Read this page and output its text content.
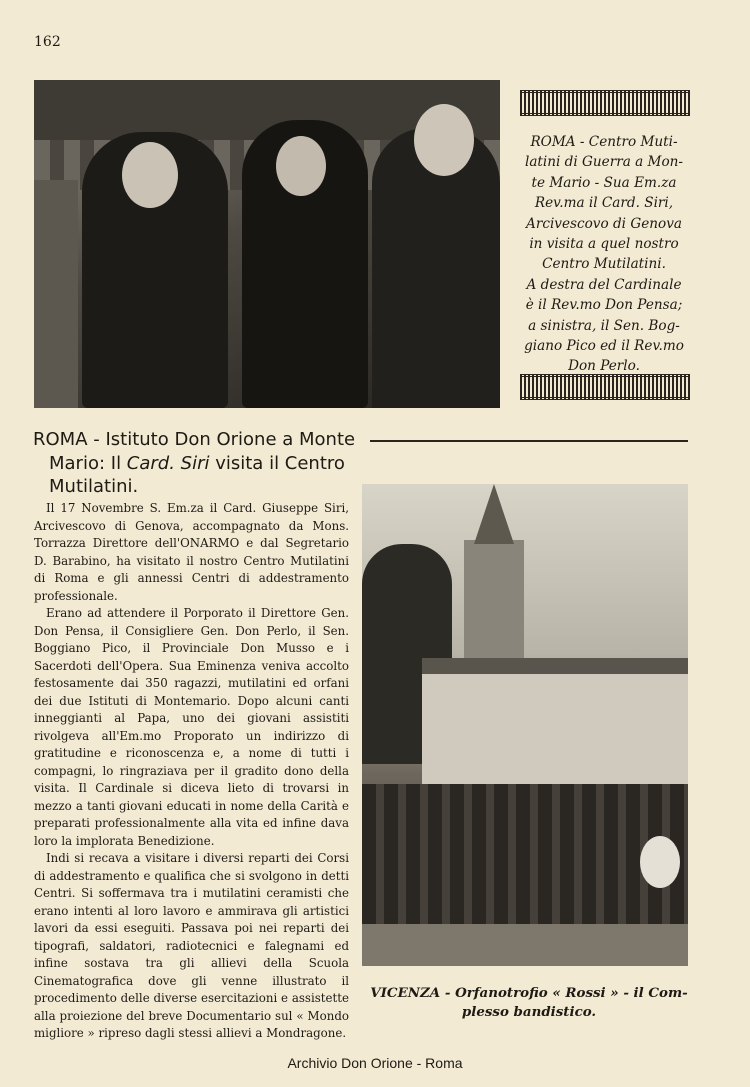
162

ROMA - Centro Muti-

latini di Guerra a Mon-

te Mario - Sua Em.za

Rev.ma il Card. Siri,

Arcivescovo di Genova

in visita a quel nostro

Centro Mutilatini.

A destra del Cardinale

è il Rev.mo Don Pensa;

a sinistra, il Sen. Bog-

giano Pico ed il Rev.mo

Don Perlo.

ROMA - Istituto Don Orione a Monte
Mario: Il Card. Siri visita il Centro
Mutilatini.

Il 17 Novembre S. Em.za il Card. Giuseppe Siri, Arcivescovo di Genova, accompagnato da Mons. Torrazza Direttore dell'ONARMO e dal Segretario D. Barabino, ha visitato il nostro Centro Mutilatini di Roma e gli annessi Centri di addestramento professionale.

Erano ad attendere il Porporato il Direttore Gen. Don Pensa, il Consigliere Gen. Don Perlo, il Sen. Boggiano Pico, il Provinciale Don Musso e i Sacerdoti dell'Opera. Sua Eminenza veniva accolto festosamente dai 350 ragazzi, mutilatini ed orfani dei due Istituti di Montemario. Dopo alcuni canti inneggianti al Papa, uno dei giovani assistiti rivolgeva all'Em.mo Proporato un indirizzo di gratitudine e riconoscenza e, a nome di tutti i compagni, lo ringraziava per il gradito dono della visita. Il Cardinale si diceva lieto di trovarsi in mezzo a tanti giovani educati in nome della Carità e preparati professionalmente alla vita ed infine dava loro la implorata Benedizione.

Indi si recava a visitare i diversi reparti dei Corsi di addestramento e qualifica che si svolgono in detti Centri. Si soffermava tra i mutilatini ceramisti che erano intenti al loro lavoro e ammirava gli artistici lavori da essi eseguiti. Passava poi nei reparti dei tipografi, saldatori, radiotecnici e falegnami ed infine sostava tra gli allievi della Scuola Cinematografica dove gli venne illustrato il procedimento delle diverse esercitazioni e assistette alla proiezione del breve Documentario sul « Mondo migliore » ripreso dagli stessi allievi a Mondragone.

VICENZA - Orfanotrofio « Rossi » - il Com-
plesso bandistico.
Archivio Don Orione - Roma
